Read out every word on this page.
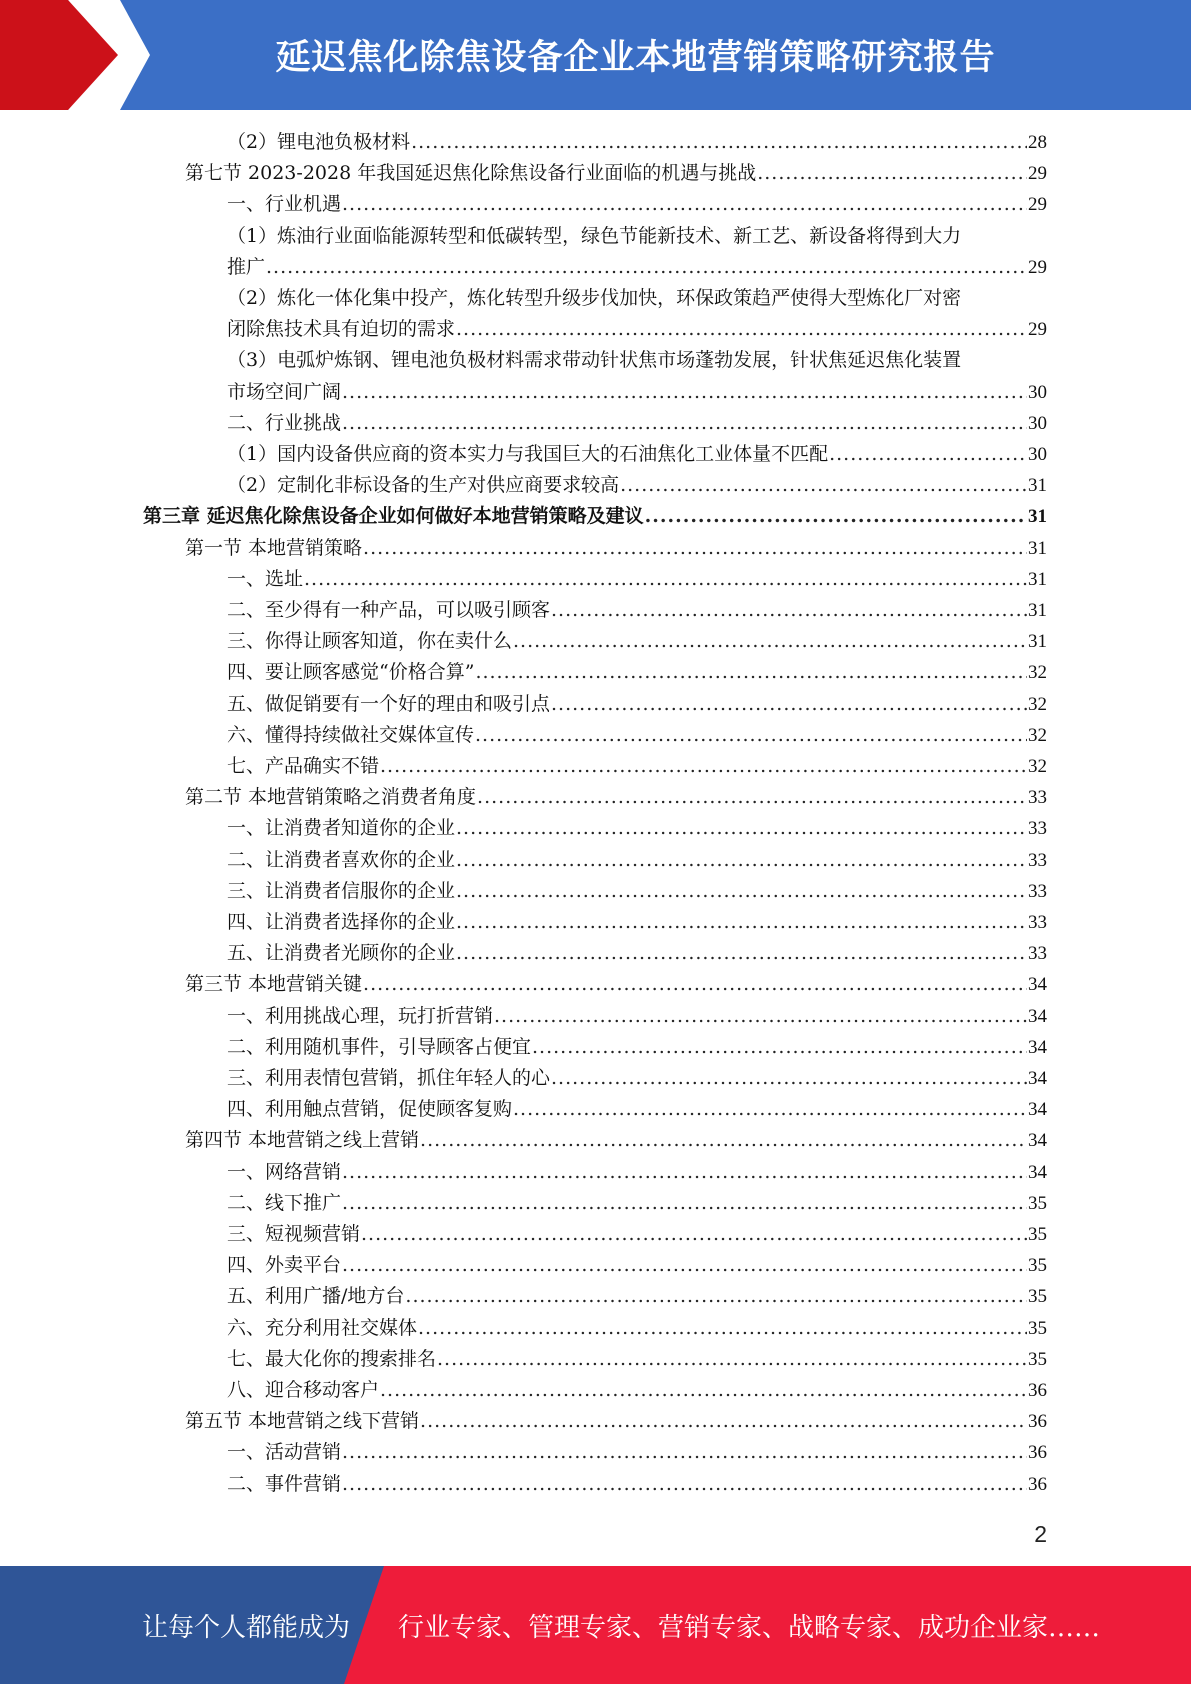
延迟焦化除焦设备企业本地营销策略研究报告
（2）锂电池负极材料 .....	28
第七节 2023-2028 年我国延迟焦化除焦设备行业面临的机遇与挑战 .....	29
一、行业机遇 .....	29
（1）炼油行业面临能源转型和低碳转型，绿色节能新技术、新工艺、新设备将得到大力
推广 .....	29
（2）炼化一体化集中投产，炼化转型升级步伐加快，环保政策趋严使得大型炼化厂对密
闭除焦技术具有迫切的需求 .....	29
（3）电弧炉炼钢、锂电池负极材料需求带动针状焦市场蓬勃发展，针状焦延迟焦化装置
市场空间广阔 .....	30
二、行业挑战 .....	30
（1）国内设备供应商的资本实力与我国巨大的石油焦化工业体量不匹配 .....	30
（2）定制化非标设备的生产对供应商要求较高 .....	31
第三章 延迟焦化除焦设备企业如何做好本地营销策略及建议 .....	31
第一节 本地营销策略 .....	31
一、选址 .....	31
二、至少得有一种产品，可以吸引顾客 .....	31
三、你得让顾客知道，你在卖什么 .....	31
四、要让顾客感觉“价格合算” .....	32
五、做促销要有一个好的理由和吸引点 .....	32
六、懂得持续做社交媒体宣传 .....	32
七、产品确实不错 .....	32
第二节 本地营销策略之消费者角度 .....	33
一、让消费者知道你的企业 .....	33
二、让消费者喜欢你的企业 .....	33
三、让消费者信服你的企业 .....	33
四、让消费者选择你的企业 .....	33
五、让消费者光顾你的企业 .....	33
第三节 本地营销关键 .....	34
一、利用挑战心理，玩打折营销 .....	34
二、利用随机事件，引导顾客占便宜 .....	34
三、利用表情包营销，抓住年轻人的心 .....	34
四、利用触点营销，促使顾客复购 .....	34
第四节 本地营销之线上营销 .....	34
一、网络营销 .....	34
二、线下推广 .....	35
三、短视频营销 .....	35
四、外卖平台 .....	35
五、利用广播/地方台 .....	35
六、充分利用社交媒体 .....	35
七、最大化你的搜索排名 .....	35
八、迎合移动客户 .....	36
第五节 本地营销之线下营销 .....	36
一、活动营销 .....	36
二、事件营销 .....	36
2
让每个人都能成为 行业专家、管理专家、营销专家、战略专家、成功企业家……
